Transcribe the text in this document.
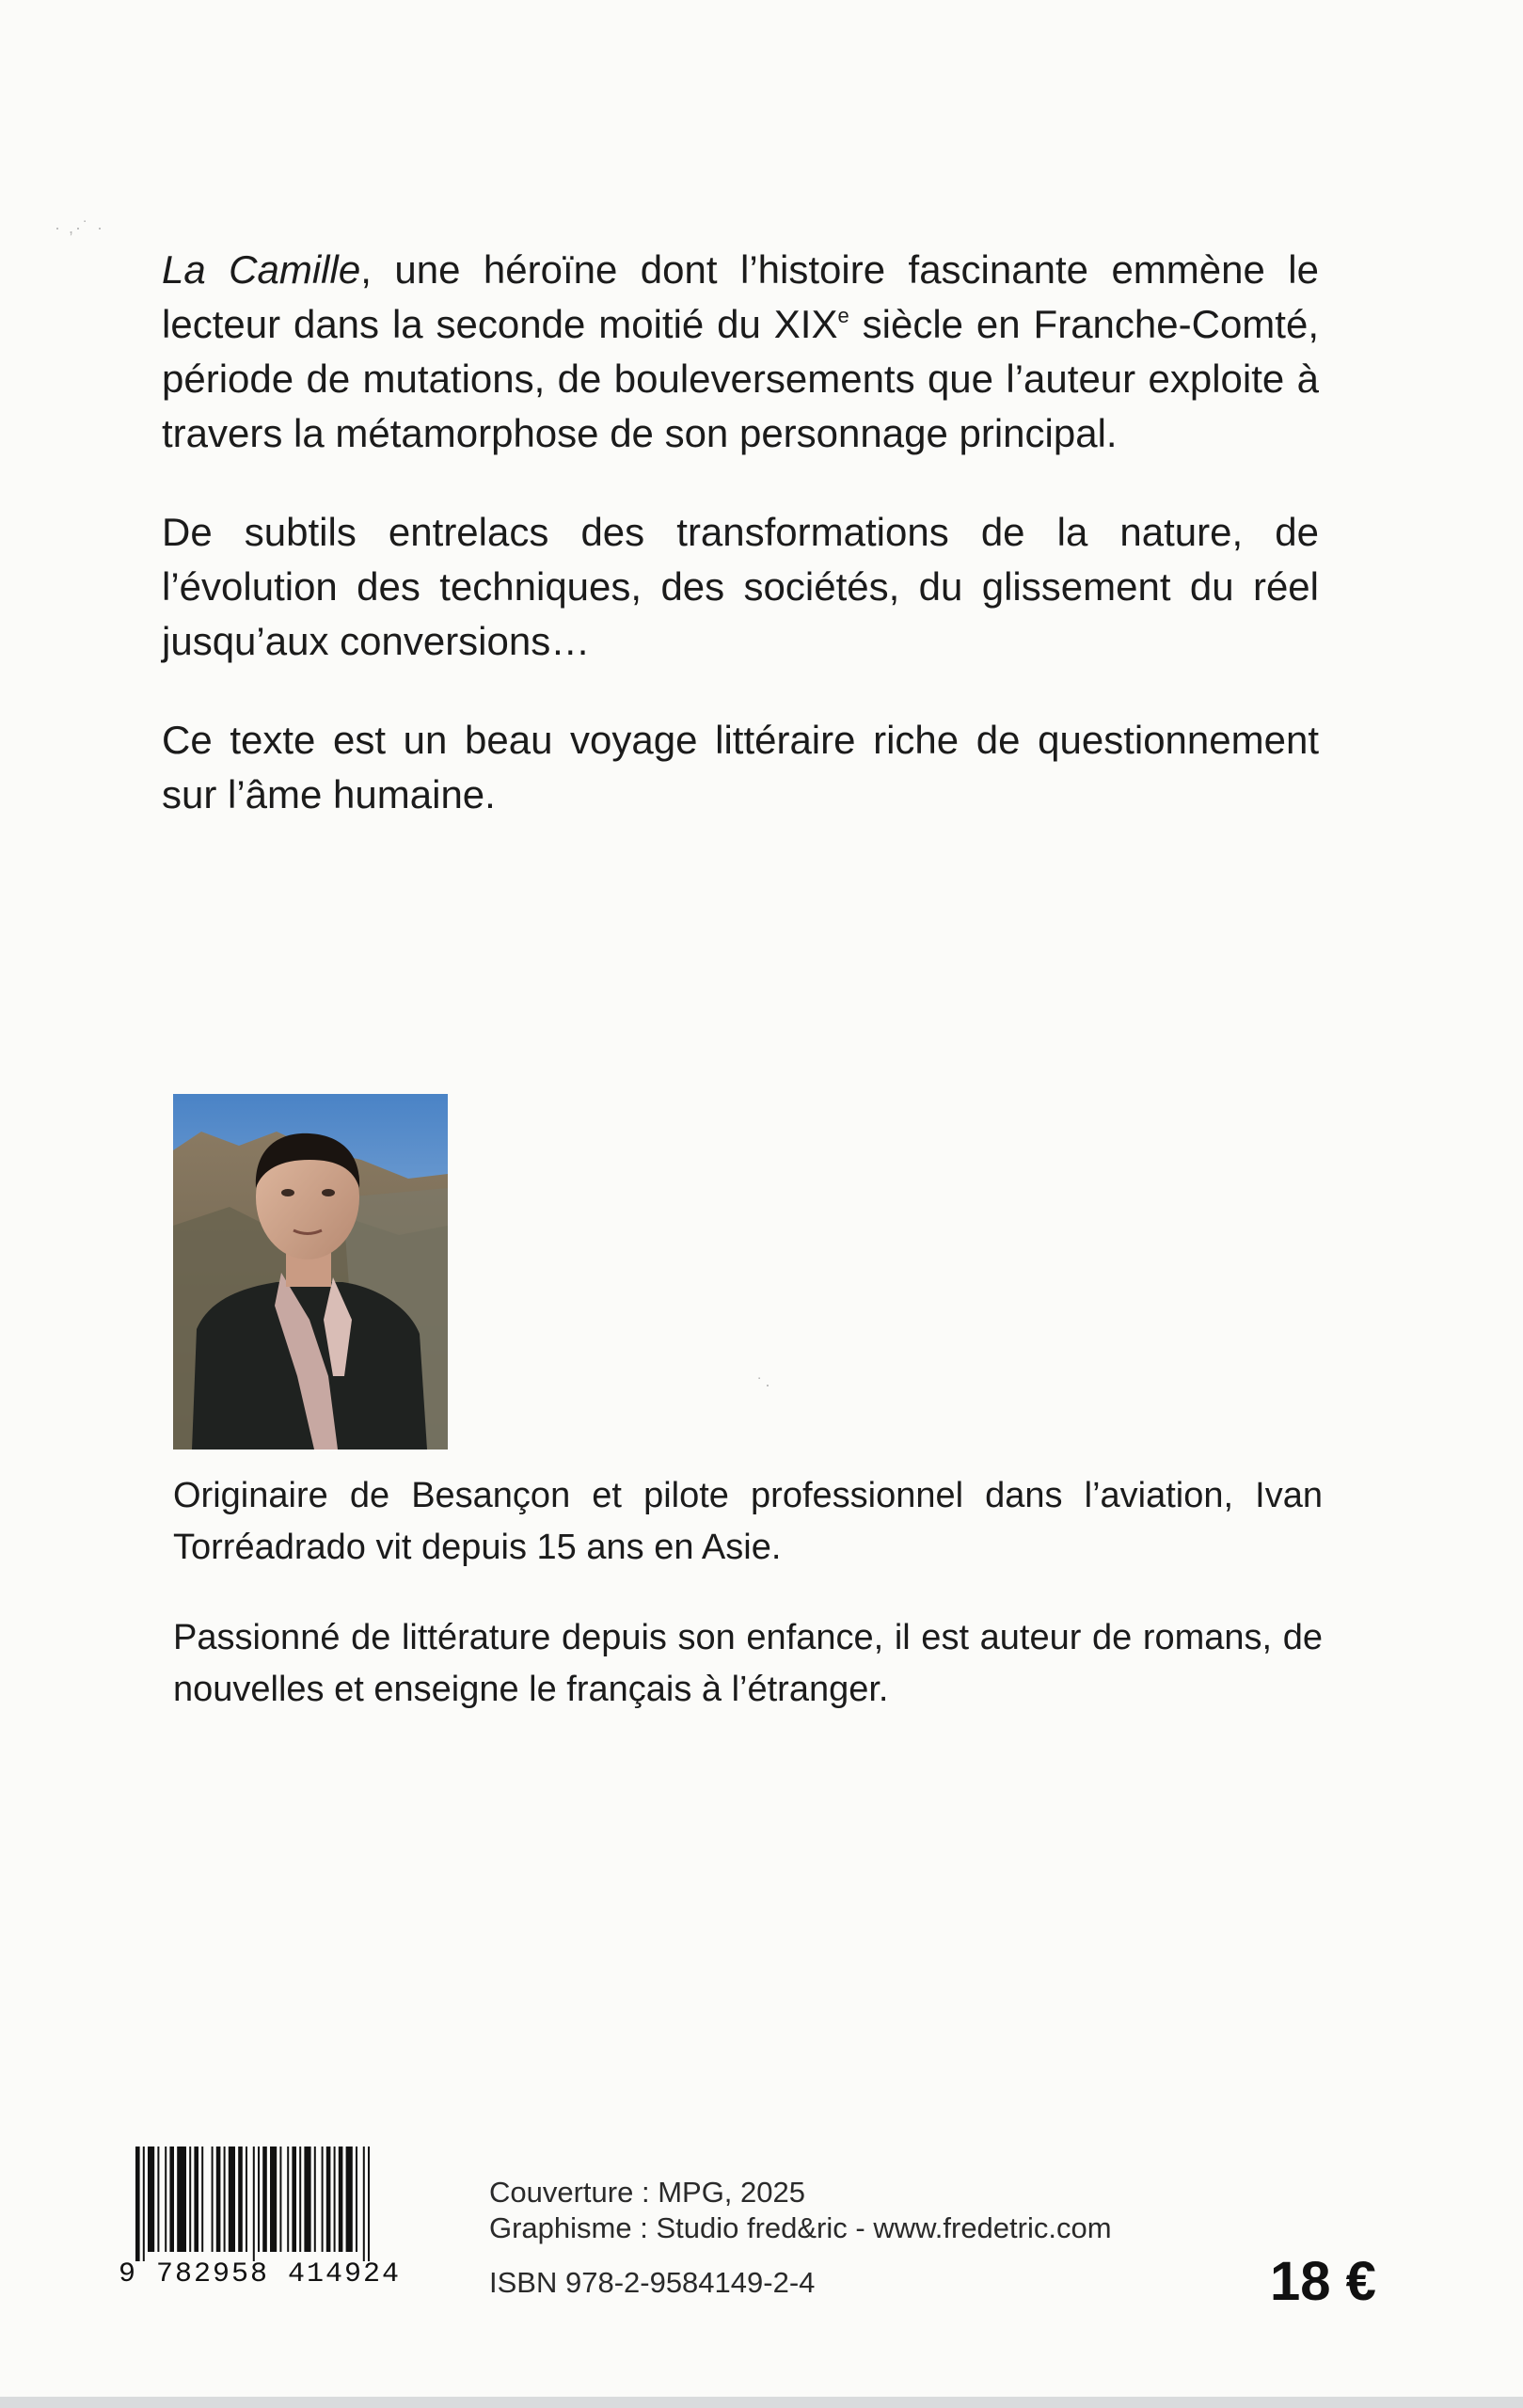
· ,·˙ ·
˙·

La Camille, une héroïne dont l’histoire fascinante emmène le lecteur dans la seconde moitié du XIXe siècle en Franche-Comté, période de mutations, de bouleversements que l’auteur exploite à travers la métamorphose de son personnage principal.

De subtils entrelacs des transformations de la nature, de l’évolution des techniques, des sociétés, du glissement du réel jusqu’aux conversions…

Ce texte est un beau voyage littéraire riche de questionnement sur l’âme humaine.

Originaire de Besançon et pilote professionnel dans l’aviation, Ivan Torréadrado vit depuis 15 ans en Asie.

Passionné de littérature depuis son enfance, il est auteur de romans, de nouvelles et enseigne le français à l’étranger.

9 782958 414924
Couverture : MPG, 2025
Graphisme : Studio fred&ric - www.fredetric.com
ISBN 978-2-9584149-2-4	18 €
